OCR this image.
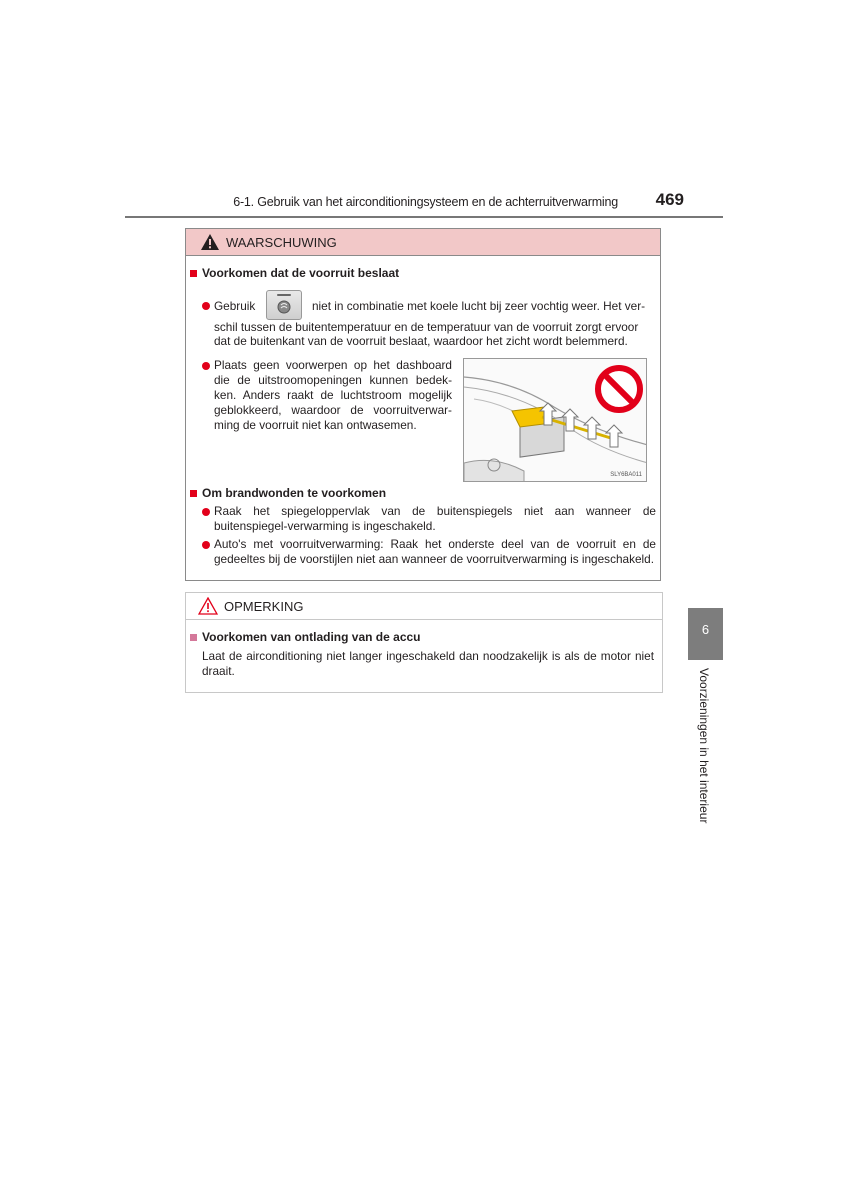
6-1. Gebruik van het airconditioningsysteem en de achterruitverwarming	469
WAARSCHUWING
Voorkomen dat de voorruit beslaat
Gebruik	niet in combinatie met koele lucht bij zeer vochtig weer. Het ver-
schil tussen de buitentemperatuur en de temperatuur van de voorruit zorgt ervoor
dat de buitenkant van de voorruit beslaat, waardoor het zicht wordt belemmerd.
Plaats geen voorwerpen op het dashboard die de uitstroomopeningen kunnen bedek-ken. Anders raakt de luchtstroom mogelijk geblokkeerd, waardoor de voorruitverwar-ming de voorruit niet kan ontwasemen.
SLY6BA011
Om brandwonden te voorkomen
Raak het spiegeloppervlak van de buitenspiegels niet aan wanneer de buitenspiegel-verwarming is ingeschakeld.
Auto's met voorruitverwarming: Raak het onderste deel van de voorruit en de gedeeltes bij de voorstijlen niet aan wanneer de voorruitverwarming is ingeschakeld.
OPMERKING
Voorkomen van ontlading van de accu
Laat de airconditioning niet langer ingeschakeld dan noodzakelijk is als de motor niet draait.
6
Voorzieningen in het interieur
